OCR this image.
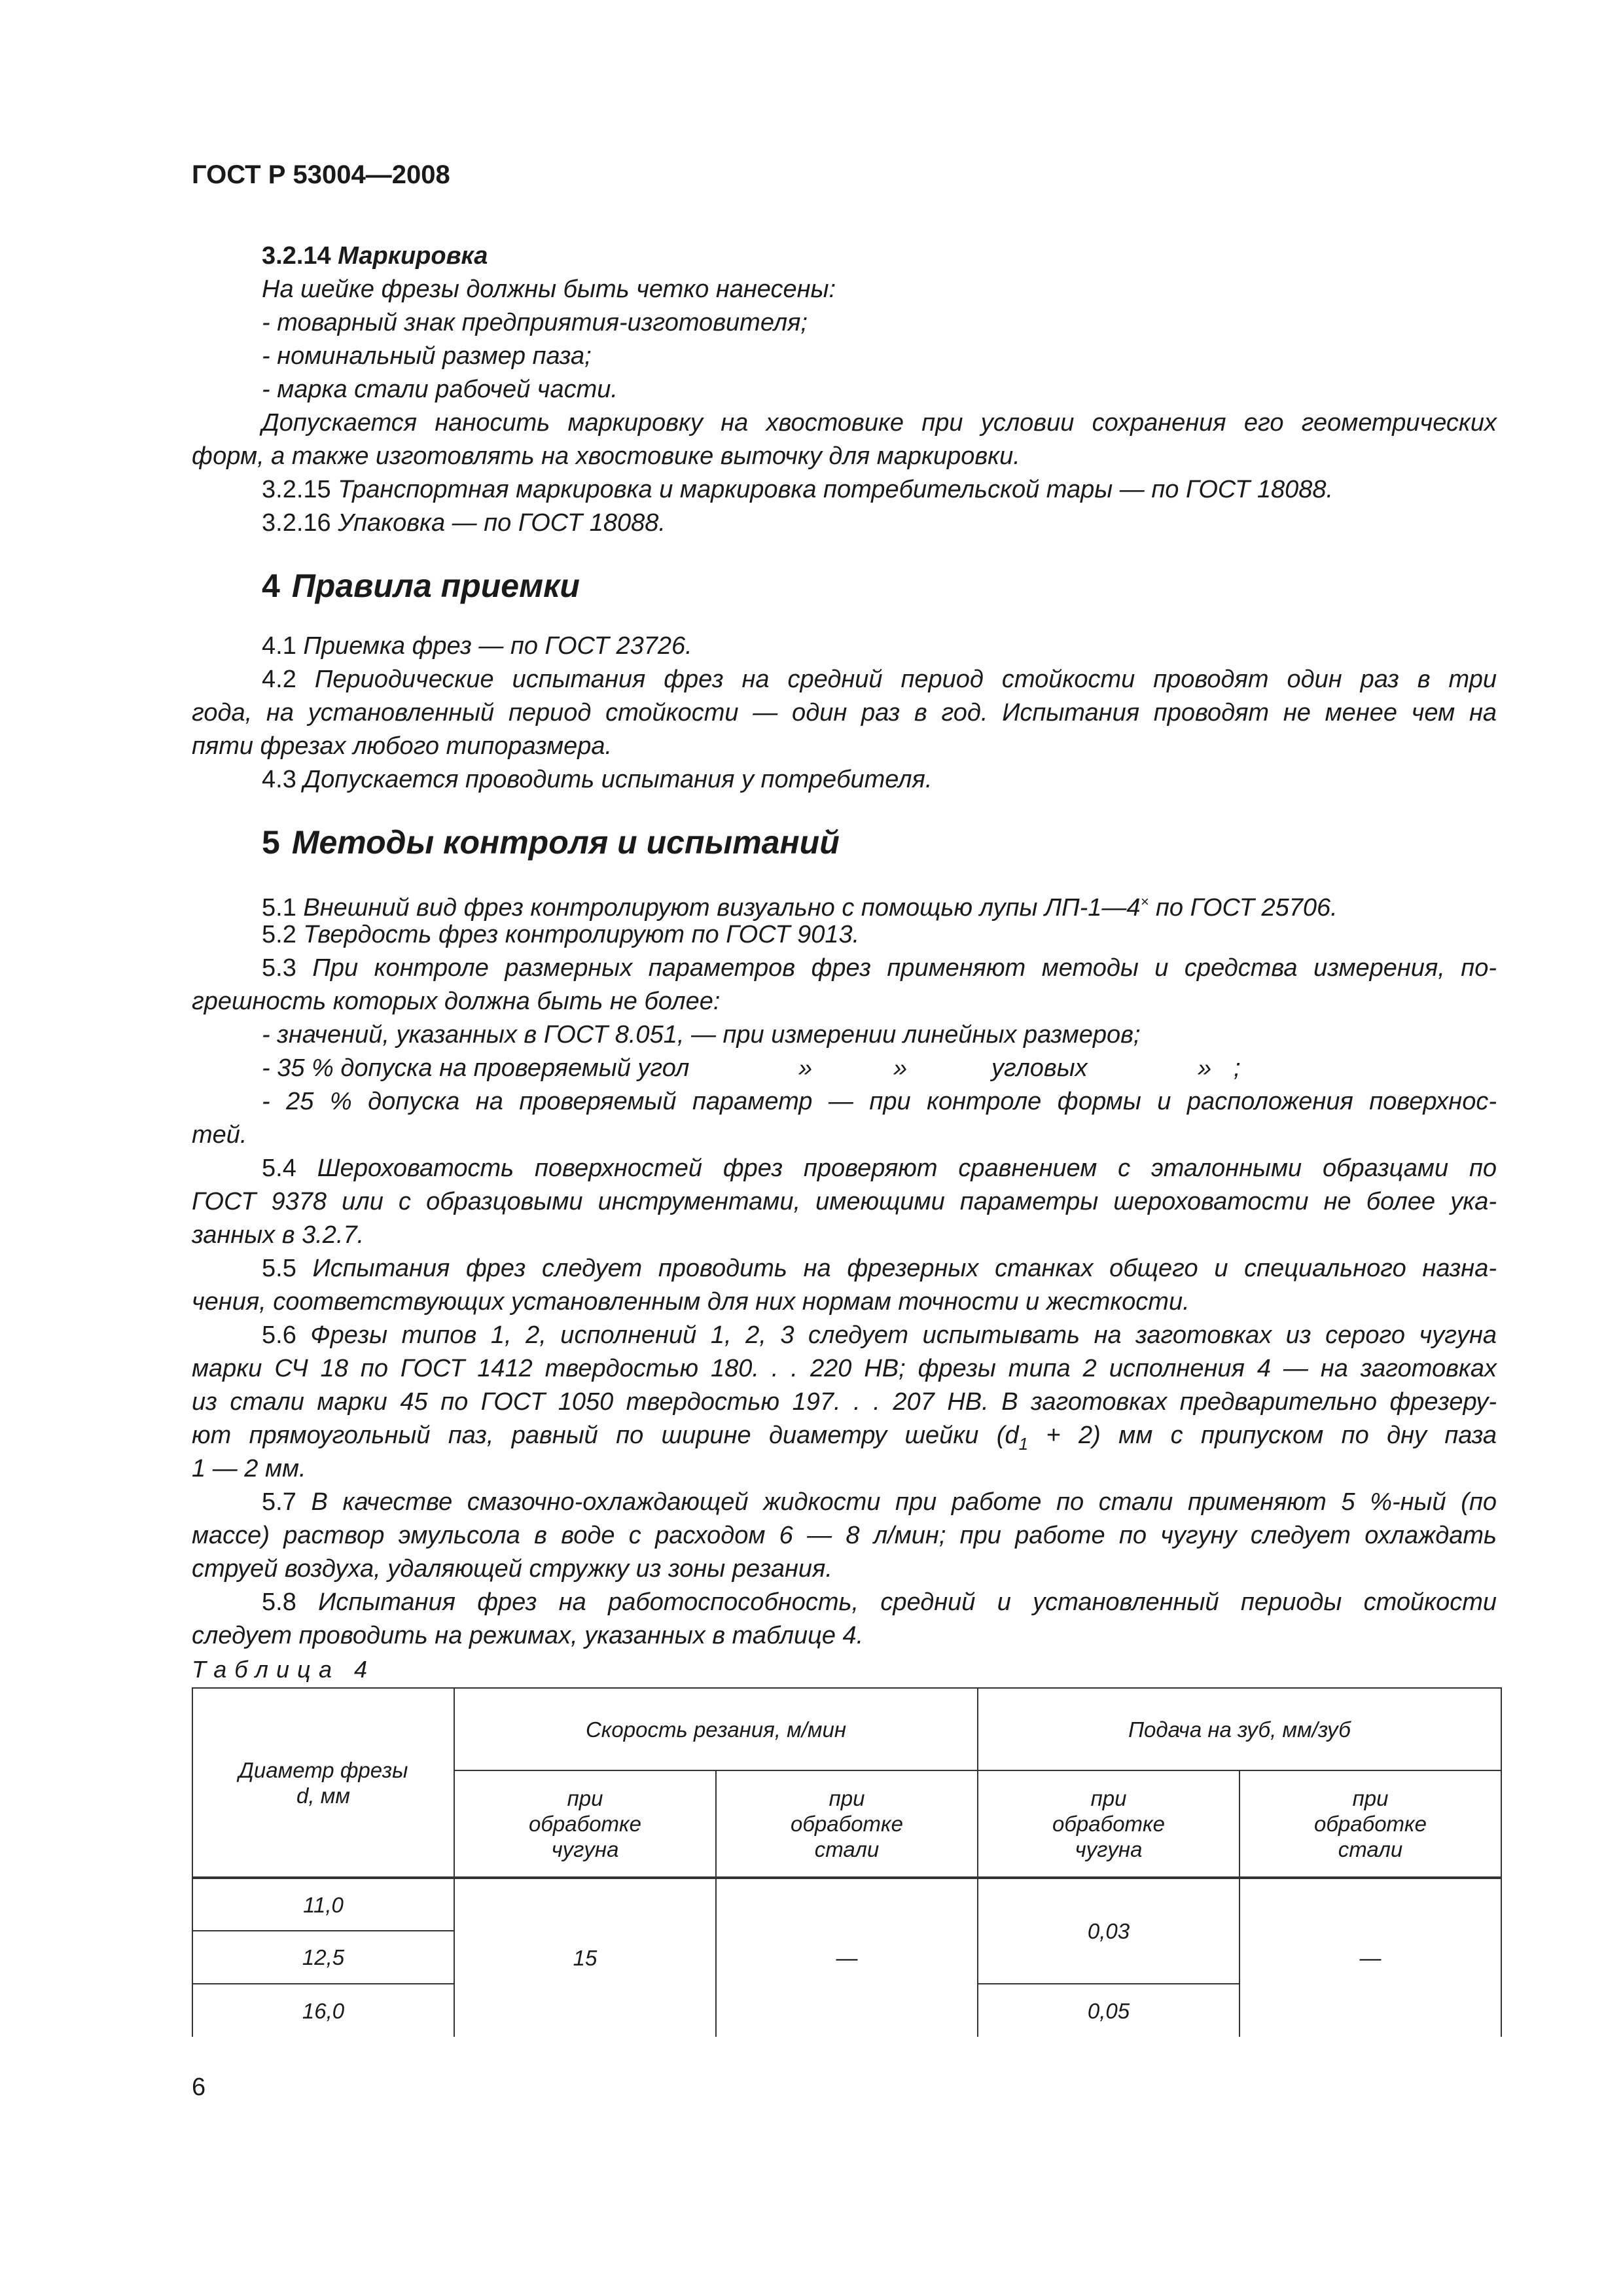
ГОСТ Р 53004—2008
3.2.14 Маркировка
На шейке фрезы должны быть четко нанесены:
- товарный знак предприятия-изготовителя;
- номинальный размер паза;
- марка стали рабочей части.
Допускается наносить маркировку на хвостовике при условии сохранения его геометрических
форм, а также изготовлять на хвостовике выточку для маркировки.
3.2.15 Транспортная маркировка и маркировка потребительской тары — по ГОСТ 18088.
3.2.16 Упаковка — по ГОСТ 18088.
4 Правила приемки
4.1 Приемка фрез — по ГОСТ 23726.
4.2 Периодические испытания фрез на средний период стойкости проводят один раз в три
года, на установленный период стойкости — один раз в год. Испытания проводят не менее чем на
пяти фрезах любого типоразмера.
4.3 Допускается проводить испытания у потребителя.
5 Методы контроля и испытаний
5.1 Внешний вид фрез контролируют визуально с помощью лупы ЛП-1—4× по ГОСТ 25706.
5.2 Твердость фрез контролируют по ГОСТ 9013.
5.3 При контроле размерных параметров фрез применяют методы и средства измерения, по-
грешность которых должна быть не более:
- значений, указанных в ГОСТ 8.051, — при измерении линейных размеров;
- 35 % допуска на проверяемый угол	»	»	угловых	» ;
- 25 % допуска на проверяемый параметр — при контроле формы и расположения поверхнос-
тей.
5.4 Шероховатость поверхностей фрез проверяют сравнением с эталонными образцами по
ГОСТ 9378 или с образцовыми инструментами, имеющими параметры шероховатости не более ука-
занных в 3.2.7.
5.5 Испытания фрез следует проводить на фрезерных станках общего и специального назна-
чения, соответствующих установленным для них нормам точности и жесткости.
5.6 Фрезы типов 1, 2, исполнений 1, 2, 3 следует испытывать на заготовках из серого чугуна
марки СЧ 18 по ГОСТ 1412 твердостью 180. . . 220 НВ; фрезы типа 2 исполнения 4 — на заготовках
из стали марки 45 по ГОСТ 1050 твердостью 197. . . 207 НВ. В заготовках предварительно фрезеру-
ют прямоугольный паз, равный по ширине диаметру шейки $(d_1 + 2)$ мм с припуском по дну паза
1 — 2 мм.
5.7 В качестве смазочно-охлаждающей жидкости при работе по стали применяют 5 %-ный (по
массе) раствор эмульсола в воде с расходом 6 — 8 л/мин; при работе по чугуну следует охлаждать
струей воздуха, удаляющей стружку из зоны резания.
5.8 Испытания фрез на работоспособность, средний и установленный периоды стойкости
следует проводить на режимах, указанных в таблице 4.
Таблица 4
Диаметр фрезы d, мм	Скорость резания, м/мин		Подача на зуб, мм/зуб	

	при обработке чугуна	при обработке стали	при обработке чугуна	при обработке стали

11,0	15	—	0,03	—
12,5				
16,0			0,05	
6
